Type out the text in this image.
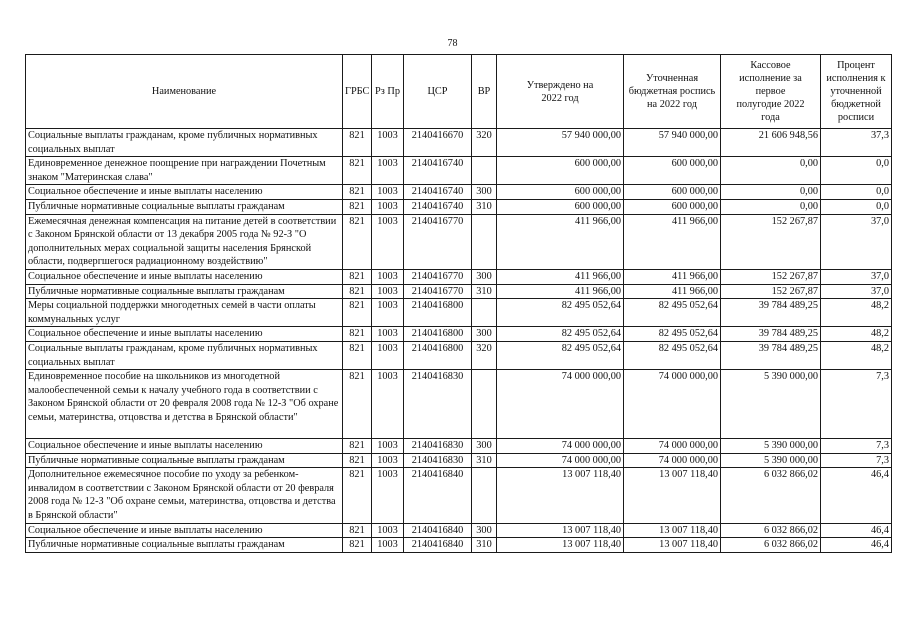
78
Наименование	ГРБС	Рз Пр	ЦСР	ВР	Утверждено на 2022 год	Уточненная бюджетная роспись на 2022 год	Кассовое исполнение за первое полугодие 2022 года	Процент исполнения к уточненной бюджетной росписи
Социальные выплаты гражданам, кроме публичных нормативных социальных выплат	821	1003	2140416670	320	57 940 000,00	57 940 000,00	21 606 948,56	37,3
Единовременное денежное поощрение при награждении Почетным знаком "Материнская слава"	821	1003	2140416740		600 000,00	600 000,00	0,00	0,0
Социальное обеспечение и иные выплаты населению	821	1003	2140416740	300	600 000,00	600 000,00	0,00	0,0
Публичные нормативные социальные выплаты гражданам	821	1003	2140416740	310	600 000,00	600 000,00	0,00	0,0
Ежемесячная денежная компенсация на питание детей в соответствии с Законом Брянской области от 13 декабря 2005 года № 92-З "О дополнительных мерах социальной защиты населения Брянской области, подвергшегося радиационному воздействию"	821	1003	2140416770		411 966,00	411 966,00	152 267,87	37,0
Социальное обеспечение и иные выплаты населению	821	1003	2140416770	300	411 966,00	411 966,00	152 267,87	37,0
Публичные нормативные социальные выплаты гражданам	821	1003	2140416770	310	411 966,00	411 966,00	152 267,87	37,0
Меры социальной поддержки многодетных семей в части оплаты коммунальных услуг	821	1003	2140416800		82 495 052,64	82 495 052,64	39 784 489,25	48,2
Социальное обеспечение и иные выплаты населению	821	1003	2140416800	300	82 495 052,64	82 495 052,64	39 784 489,25	48,2
Социальные выплаты гражданам, кроме публичных нормативных социальных выплат	821	1003	2140416800	320	82 495 052,64	82 495 052,64	39 784 489,25	48,2
Единовременное пособие на школьников из многодетной малообеспеченной семьи к началу учебного года в соответствии с Законом Брянской области от 20 февраля 2008 года № 12-З "Об охране семьи, материнства, отцовства и детства в Брянской области"	821	1003	2140416830		74 000 000,00	74 000 000,00	5 390 000,00	7,3
Социальное обеспечение и иные выплаты населению	821	1003	2140416830	300	74 000 000,00	74 000 000,00	5 390 000,00	7,3
Публичные нормативные социальные выплаты гражданам	821	1003	2140416830	310	74 000 000,00	74 000 000,00	5 390 000,00	7,3
Дополнительное ежемесячное пособие по уходу за ребенком-инвалидом в соответствии с Законом Брянской области от 20 февраля 2008 года № 12-З "Об охране семьи, материнства, отцовства и детства в Брянской области"	821	1003	2140416840		13 007 118,40	13 007 118,40	6 032 866,02	46,4
Социальное обеспечение и иные выплаты населению	821	1003	2140416840	300	13 007 118,40	13 007 118,40	6 032 866,02	46,4
Публичные нормативные социальные выплаты гражданам	821	1003	2140416840	310	13 007 118,40	13 007 118,40	6 032 866,02	46,4
